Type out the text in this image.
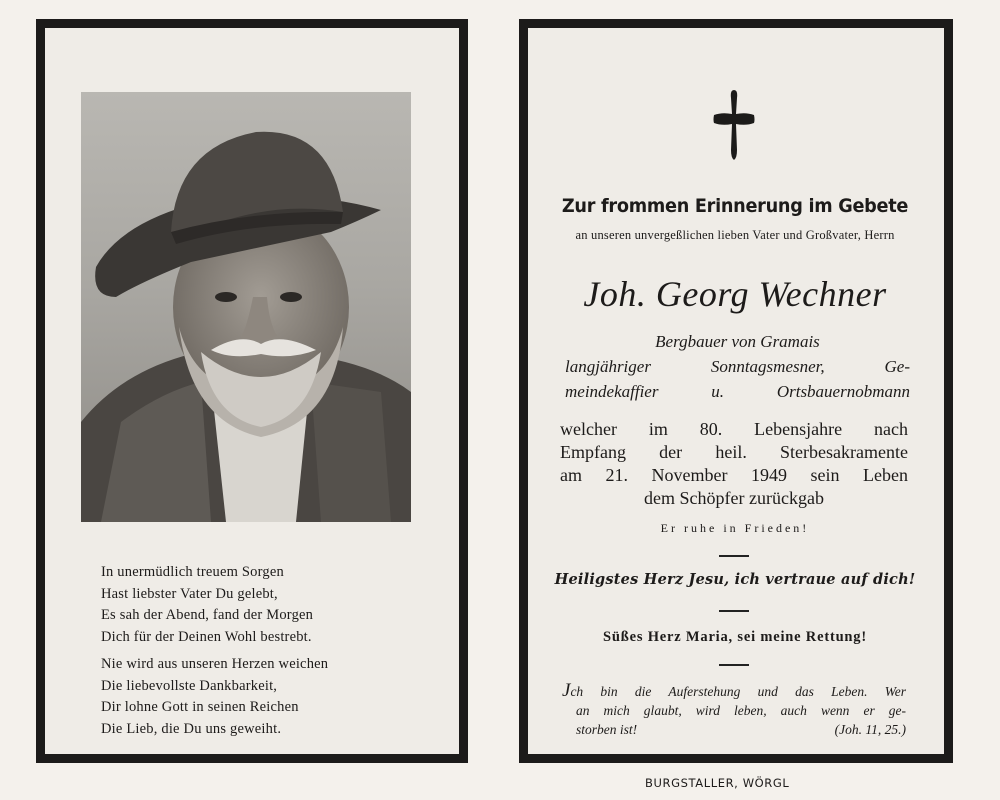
In unermüdlich treuem Sorgen
Hast liebster Vater Du gelebt,
Es sah der Abend, fand der Morgen
Dich für der Deinen Wohl bestrebt.
Nie wird aus unseren Herzen weichen
Die liebevollste Dankbarkeit,
Dir lohne Gott in seinen Reichen
Die Lieb, die Du uns geweiht.
Zur frommen Erinnerung im Gebete
an unseren unvergeßlichen lieben Vater und Großvater, Herrn
Joh. Georg Wechner
Bergbauer von Gramais
langjähriger Sonntagsmesner, Ge-
meindekaffier u. Ortsbauernobmann
welcher im 80. Lebensjahre nach
Empfang der heil. Sterbesakramente
am 21. November 1949 sein Leben
dem Schöpfer zurückgab
Er ruhe in Frieden!
Heiligstes Herz Jesu, ich vertraue auf dich!
Süßes Herz Maria, sei meine Rettung!
Jch bin die Auferstehung und das Leben. Wer
an mich glaubt, wird leben, auch wenn er ge-
storben ist!	(Joh. 11, 25.)
BURGSTALLER, WÖRGL
